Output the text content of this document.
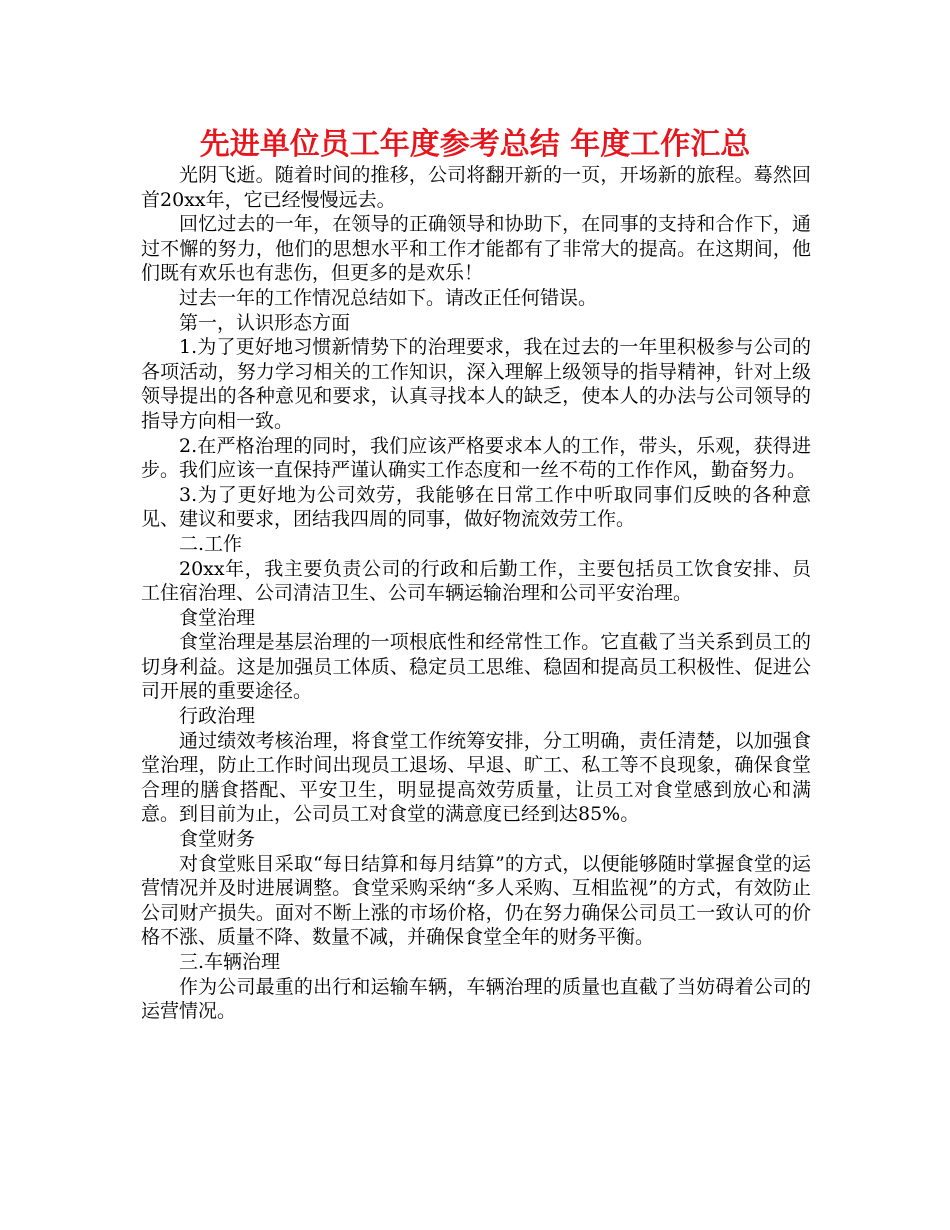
先进单位员工年度参考总结 年度工作汇总

光阴飞逝。随着时间的推移，公司将翻开新的一页，开场新的旅程。蓦然回首20xx年，它已经慢慢远去。

回忆过去的一年，在领导的正确领导和协助下，在同事的支持和合作下，通过不懈的努力，他们的思想水平和工作才能都有了非常大的提高。在这期间，他们既有欢乐也有悲伤，但更多的是欢乐！

过去一年的工作情况总结如下。请改正任何错误。

第一，认识形态方面

1.为了更好地习惯新情势下的治理要求，我在过去的一年里积极参与公司的各项活动，努力学习相关的工作知识，深入理解上级领导的指导精神，针对上级领导提出的各种意见和要求，认真寻找本人的缺乏，使本人的办法与公司领导的指导方向相一致。

2.在严格治理的同时，我们应该严格要求本人的工作，带头，乐观，获得进步。我们应该一直保持严谨认确实工作态度和一丝不苟的工作作风，勤奋努力。

3.为了更好地为公司效劳，我能够在日常工作中听取同事们反映的各种意见、建议和要求，团结我四周的同事，做好物流效劳工作。

二.工作

20xx年，我主要负责公司的行政和后勤工作，主要包括员工饮食安排、员工住宿治理、公司清洁卫生、公司车辆运输治理和公司平安治理。

食堂治理

食堂治理是基层治理的一项根底性和经常性工作。它直截了当关系到员工的切身利益。这是加强员工体质、稳定员工思维、稳固和提高员工积极性、促进公司开展的重要途径。

行政治理

通过绩效考核治理，将食堂工作统筹安排，分工明确，责任清楚，以加强食堂治理，防止工作时间出现员工退场、早退、旷工、私工等不良现象，确保食堂合理的膳食搭配、平安卫生，明显提高效劳质量，让员工对食堂感到放心和满意。到目前为止，公司员工对食堂的满意度已经到达85%。

食堂财务

对食堂账目采取“每日结算和每月结算”的方式，以便能够随时掌握食堂的运营情况并及时进展调整。食堂采购采纳“多人采购、互相监视”的方式，有效防止公司财产损失。面对不断上涨的市场价格，仍在努力确保公司员工一致认可的价格不涨、质量不降、数量不减，并确保食堂全年的财务平衡。

三.车辆治理

作为公司最重的出行和运输车辆，车辆治理的质量也直截了当妨碍着公司的运营情况。
